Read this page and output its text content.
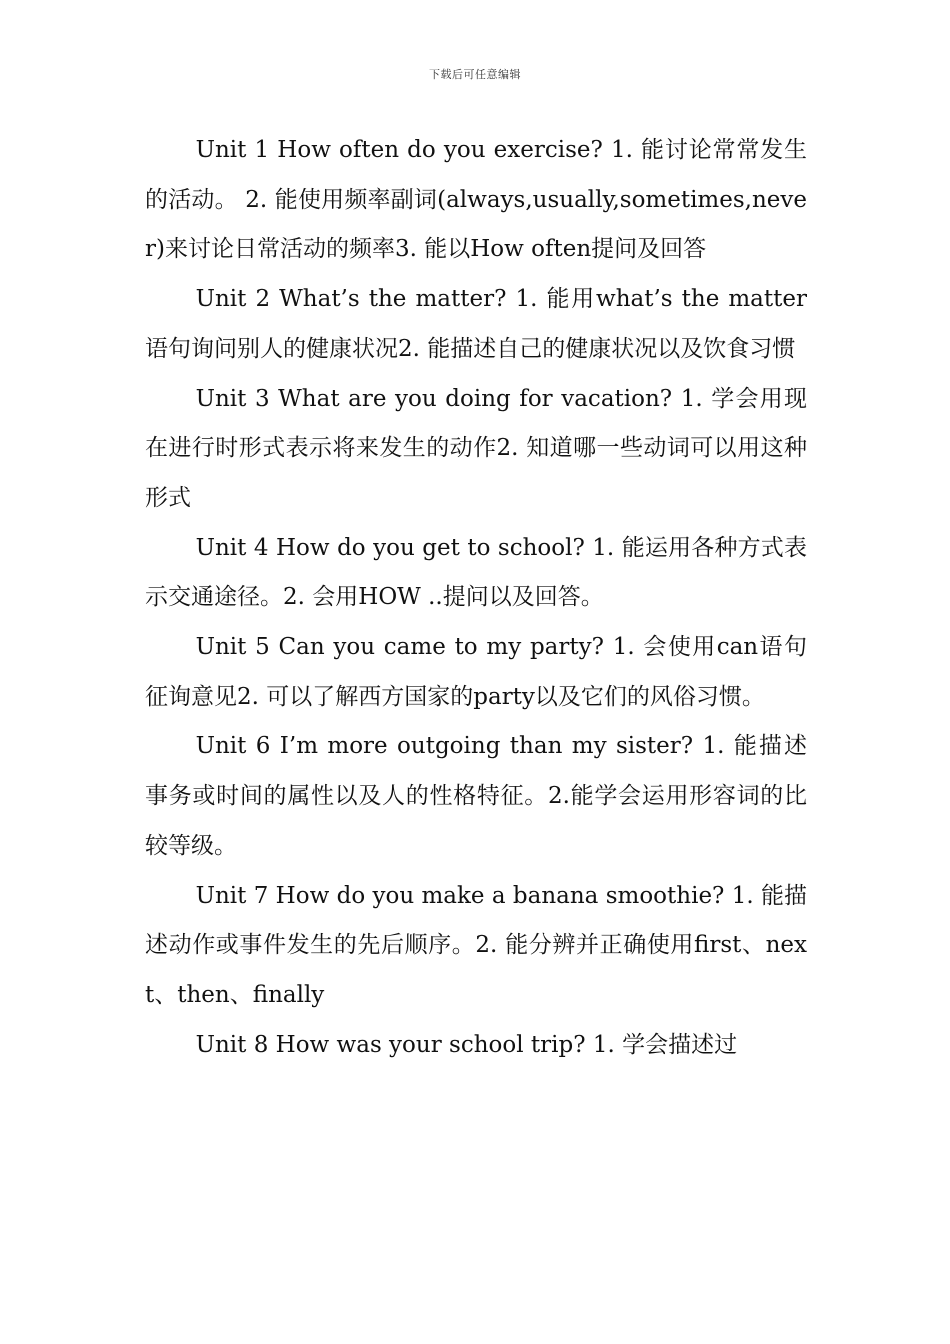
下载后可任意编辑

Unit 1 How often do you exercise? 1. 能讨论常常发生的活动。 2. 能使用频率副词(always,usually,sometimes,never)来讨论日常活动的频率3. 能以How often提问及回答

Unit 2 What’s the matter? 1. 能用what’s the matter语句询问别人的健康状况2. 能描述自己的健康状况以及饮食习惯

Unit 3 What are you doing for vacation? 1. 学会用现在进行时形式表示将来发生的动作2. 知道哪一些动词可以用这种形式

Unit 4 How do you get to school? 1. 能运用各种方式表示交通途径。2. 会用HOW ..提问以及回答。

Unit 5 Can you came to my party? 1. 会使用can语句征询意见2. 可以了解西方国家的party以及它们的风俗习惯。

Unit 6 I’m more outgoing than my sister? 1. 能描述事务或时间的属性以及人的性格特征。2.能学会运用形容词的比较等级。

Unit 7 How do you make a banana smoothie? 1. 能描述动作或事件发生的先后顺序。2. 能分辨并正确使用first、next、then、finally

Unit 8 How was your school trip? 1. 学会描述过
